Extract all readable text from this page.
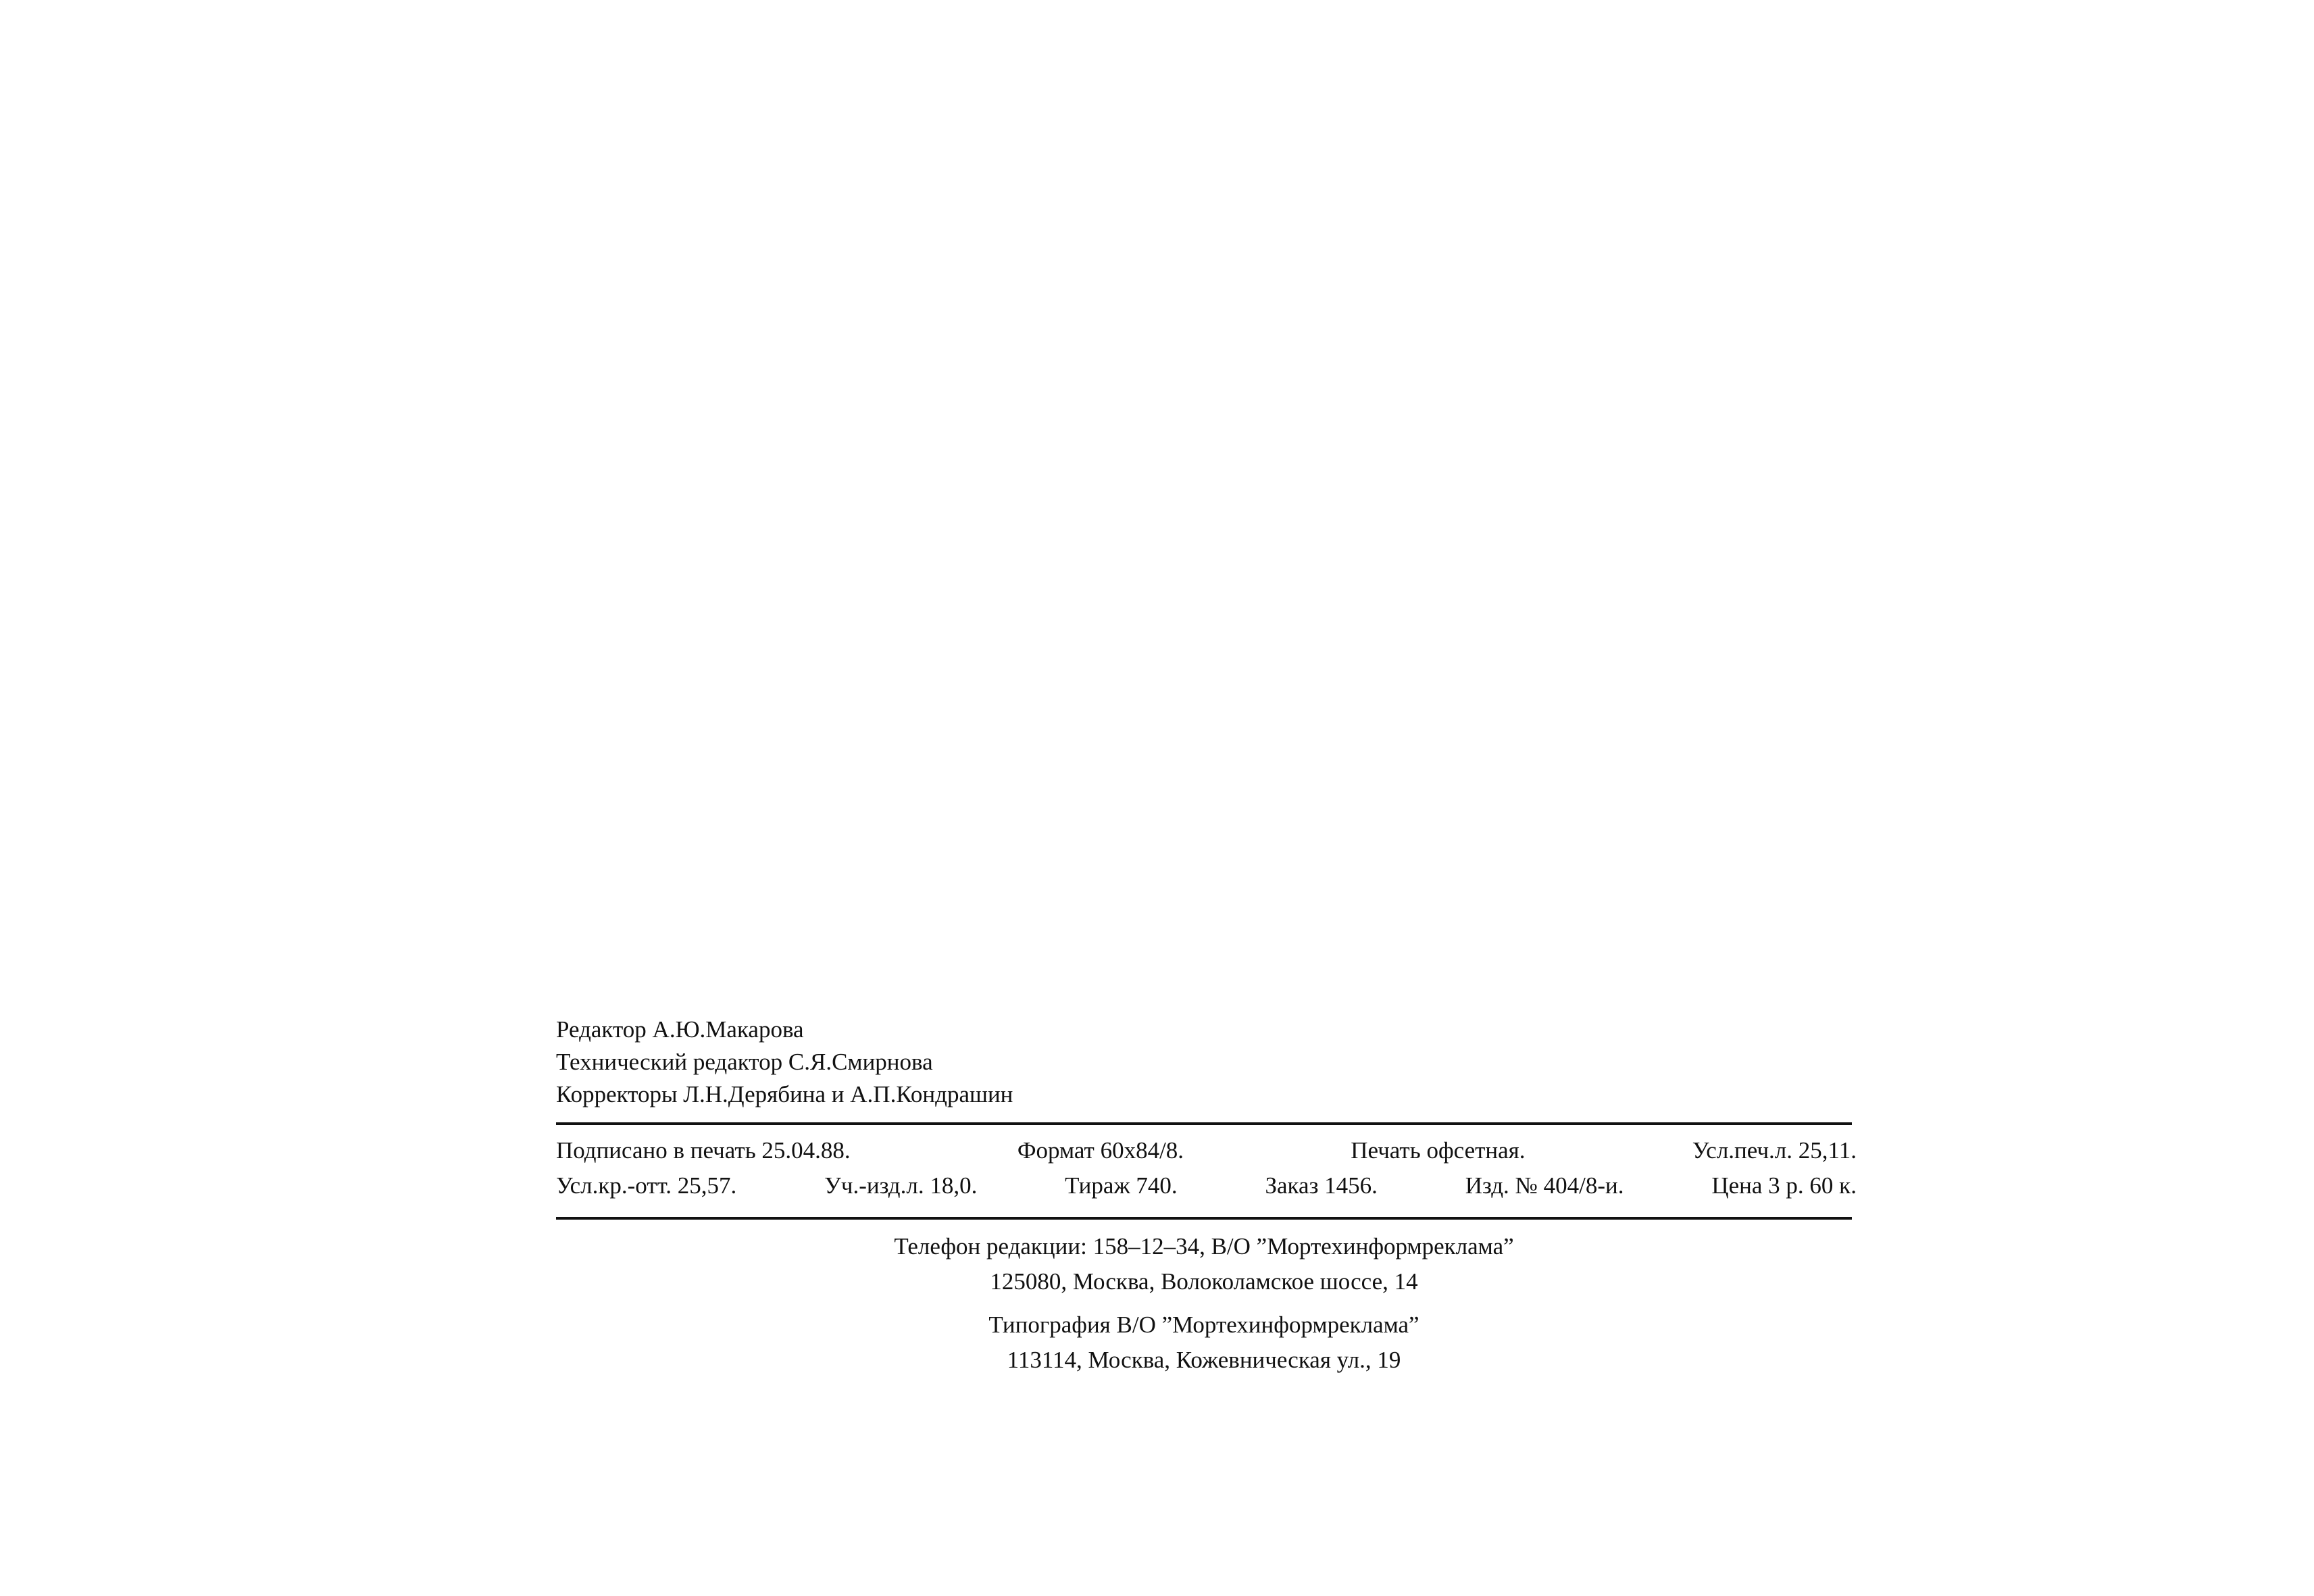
Редактор А.Ю.Макарова
Технический редактор С.Я.Смирнова
Корректоры Л.Н.Дерябина и А.П.Кондрашин
Подписано в печать 25.04.88.	Формат 60х84/8.	Печать офсетная.	Усл.печ.л. 25,11.
Усл.кр.-отт. 25,57.	Уч.-изд.л. 18,0.	Тираж 740.	Заказ 1456.	Изд. № 404/8-и.	Цена 3 р. 60 к.
Телефон редакции: 158–12–34, В/О ”Мортехинформреклама”
125080, Москва, Волоколамское шоссе, 14
Типография В/О ”Мортехинформреклама”
113114, Москва, Кожевническая ул., 19
